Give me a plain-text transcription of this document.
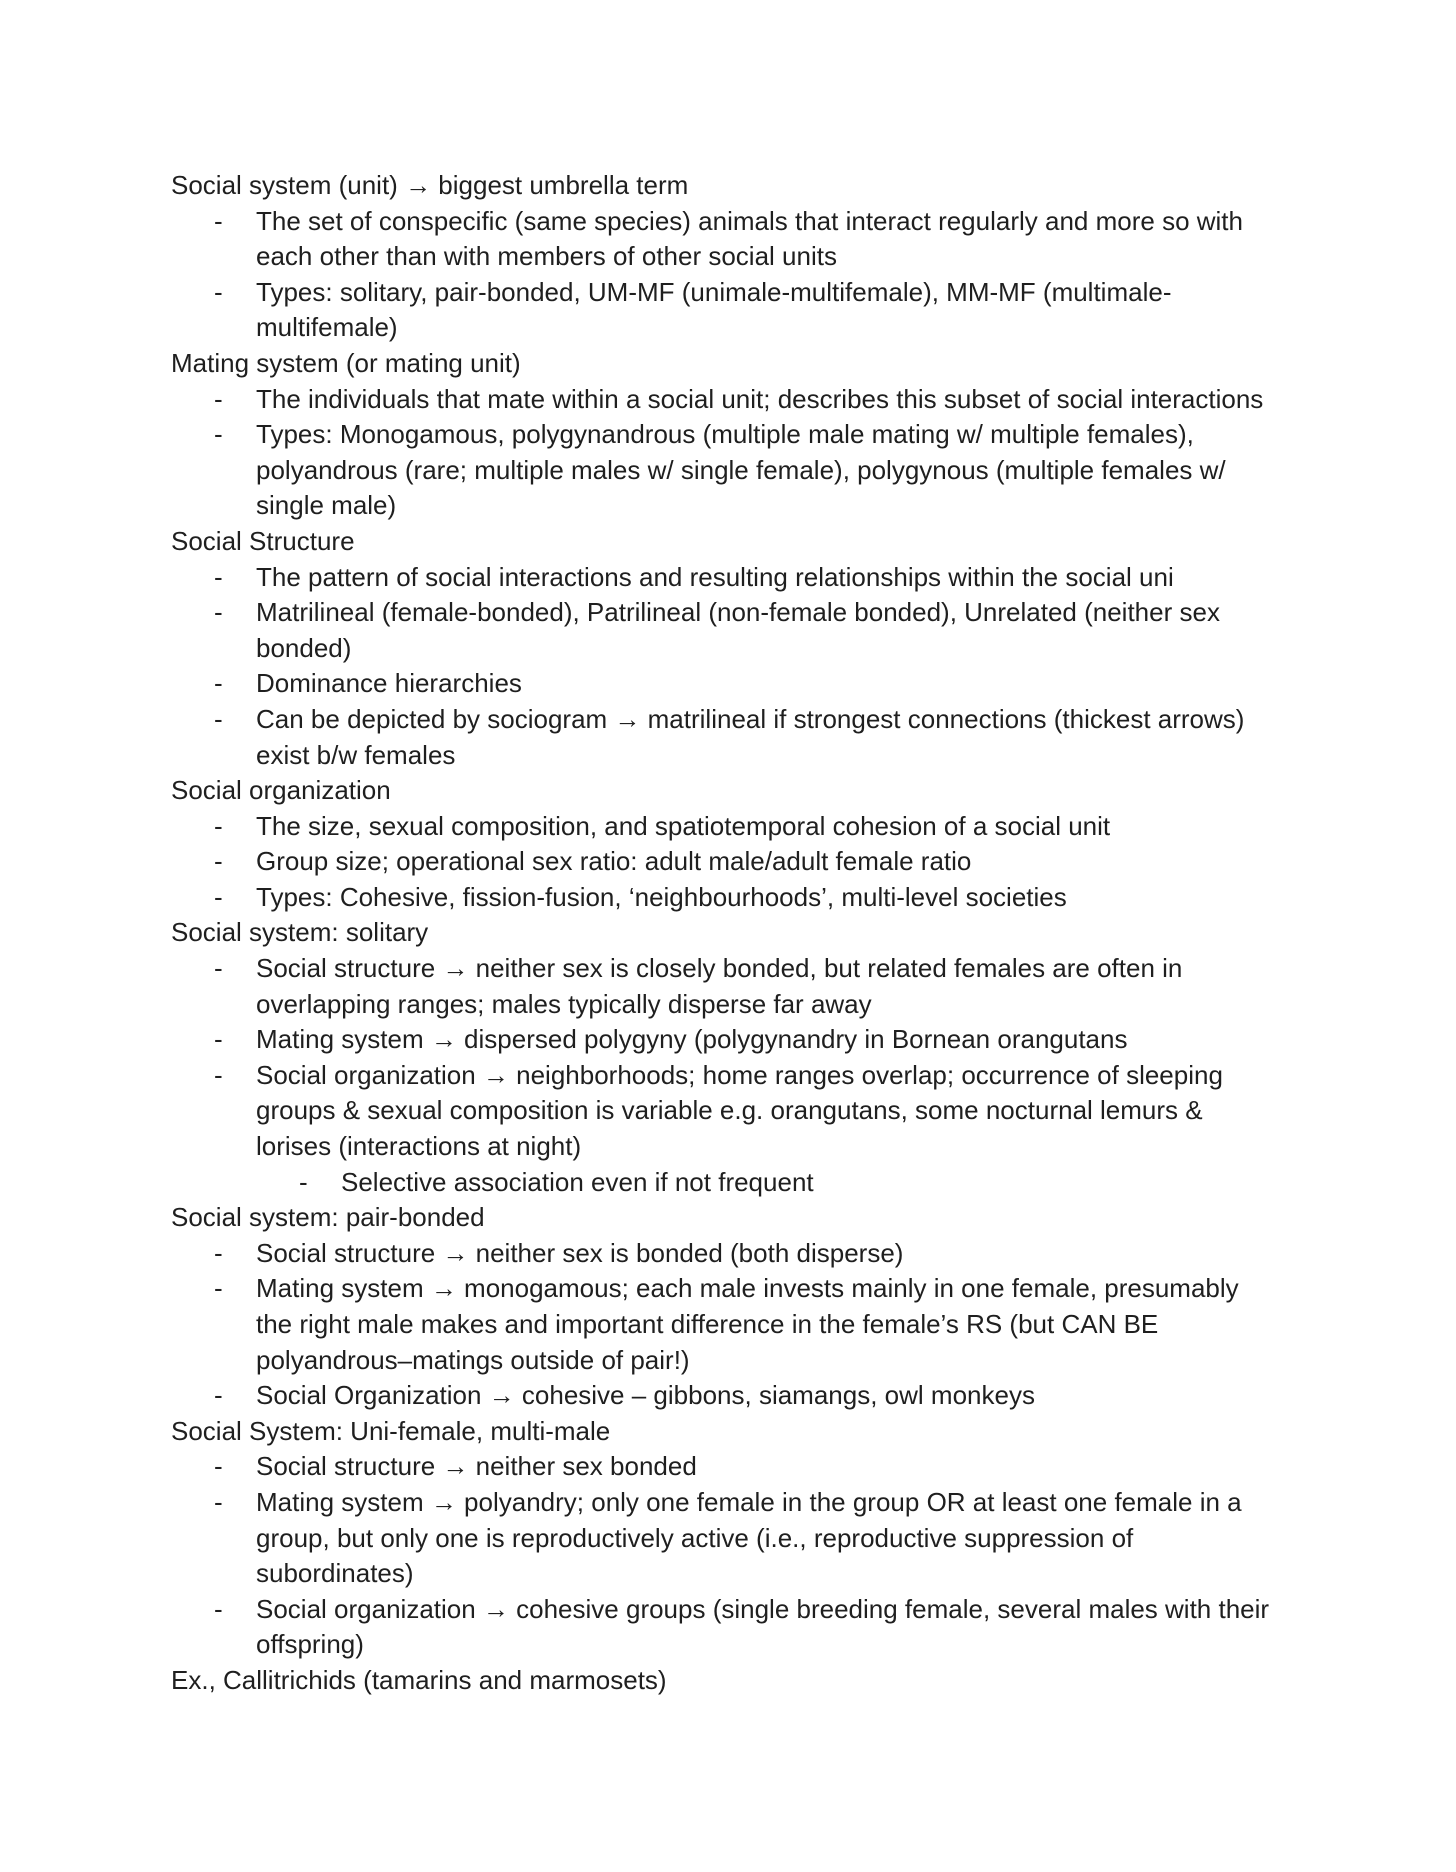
Social system (unit) → biggest umbrella term
- The set of conspecific (same species) animals that interact regularly and more so with each other than with members of other social units
- Types: solitary, pair-bonded, UM-MF (unimale-multifemale), MM-MF (multimale-multifemale)
Mating system (or mating unit)
- The individuals that mate within a social unit; describes this subset of social interactions
- Types: Monogamous, polygynandrous (multiple male mating w/ multiple females), polyandrous (rare; multiple males w/ single female), polygynous (multiple females w/ single male)
Social Structure
- The pattern of social interactions and resulting relationships within the social uni
- Matrilineal (female-bonded), Patrilineal (non-female bonded), Unrelated (neither sex bonded)
- Dominance hierarchies
- Can be depicted by sociogram → matrilineal if strongest connections (thickest arrows) exist b/w females
Social organization
- The size, sexual composition, and spatiotemporal cohesion of a social unit
- Group size; operational sex ratio: adult male/adult female ratio
- Types: Cohesive, fission-fusion, ‘neighbourhoods’, multi-level societies
Social system: solitary
- Social structure → neither sex is closely bonded, but related females are often in overlapping ranges; males typically disperse far away
- Mating system → dispersed polygyny (polygynandry in Bornean orangutans
- Social organization → neighborhoods; home ranges overlap; occurrence of sleeping groups & sexual composition is variable e.g. orangutans, some nocturnal lemurs & lorises (interactions at night)
- Selective association even if not frequent
Social system: pair-bonded
- Social structure → neither sex is bonded (both disperse)
- Mating system → monogamous; each male invests mainly in one female, presumably the right male makes and important difference in the female’s RS (but CAN BE polyandrous–matings outside of pair!)
- Social Organization → cohesive – gibbons, siamangs, owl monkeys
Social System: Uni-female, multi-male
- Social structure → neither sex bonded
- Mating system → polyandry; only one female in the group OR at least one female in a group, but only one is reproductively active (i.e., reproductive suppression of subordinates)
- Social organization → cohesive groups (single breeding female, several males with their offspring)
Ex., Callitrichids (tamarins and marmosets)
